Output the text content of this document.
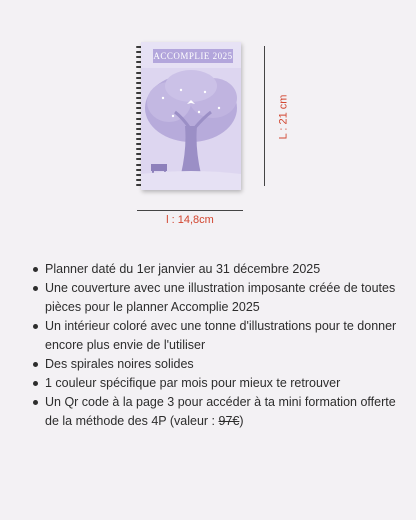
ACCOMPLIE 2025
L : 21 cm
l : 14,8cm
Planner daté du 1er janvier au 31 décembre 2025
Une couverture avec une illustration imposante créée de toutes pièces pour le planner Accomplie 2025
Un intérieur coloré avec une tonne d'illustrations pour te donner encore plus envie de l'utiliser
Des spirales noires solides
1 couleur spécifique par mois pour mieux te retrouver
Un Qr code à la page 3 pour accéder à ta mini formation offerte de la méthode des 4P (valeur : 97€)
